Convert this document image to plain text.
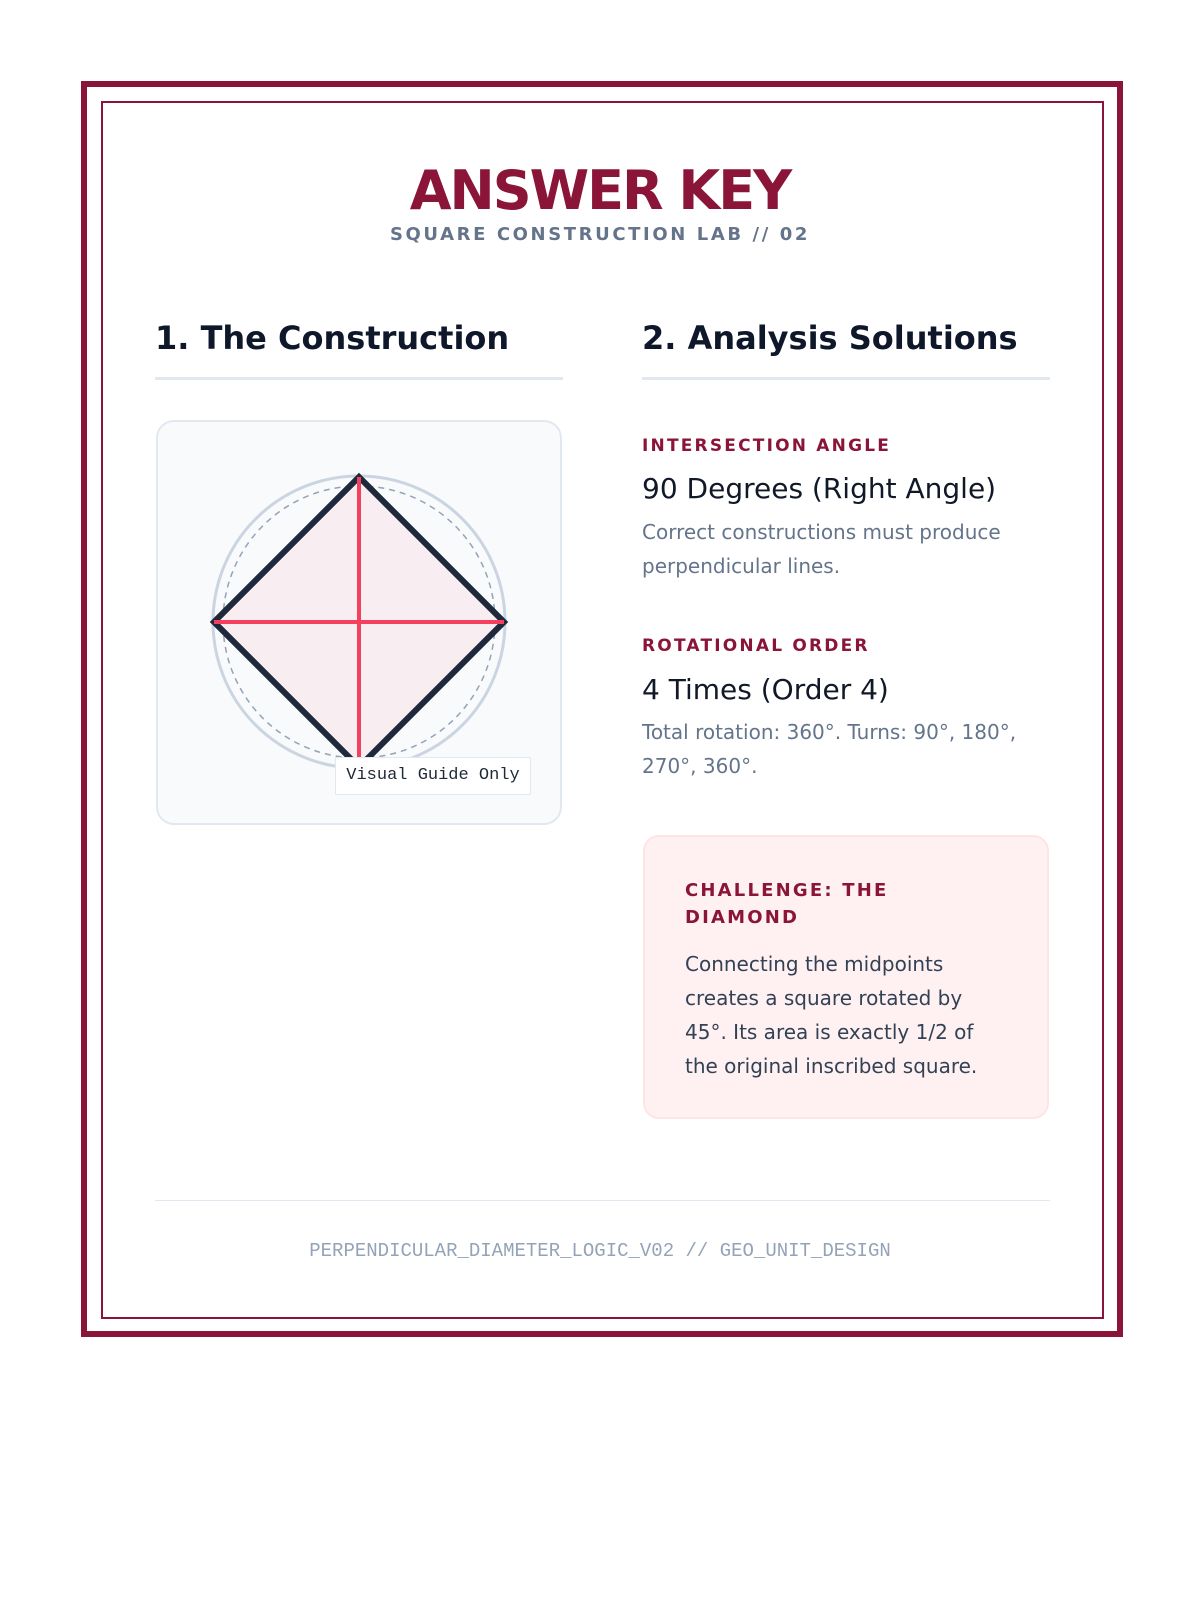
ANSWER KEY
SQUARE CONSTRUCTION LAB // 02
1. The Construction	2. Analysis Solutions
Visual Guide Only
INTERSECTION ANGLE
90 Degrees (Right Angle)
Correct constructions must produce perpendicular lines.
ROTATIONAL ORDER
4 Times (Order 4)
Total rotation: 360°. Turns: 90°, 180°, 270°, 360°.
CHALLENGE: THE DIAMOND
Connecting the midpoints creates a square rotated by 45°. Its area is exactly 1/2 of the original inscribed square.
PERPENDICULAR_DIAMETER_LOGIC_V02 // GEO_UNIT_DESIGN
